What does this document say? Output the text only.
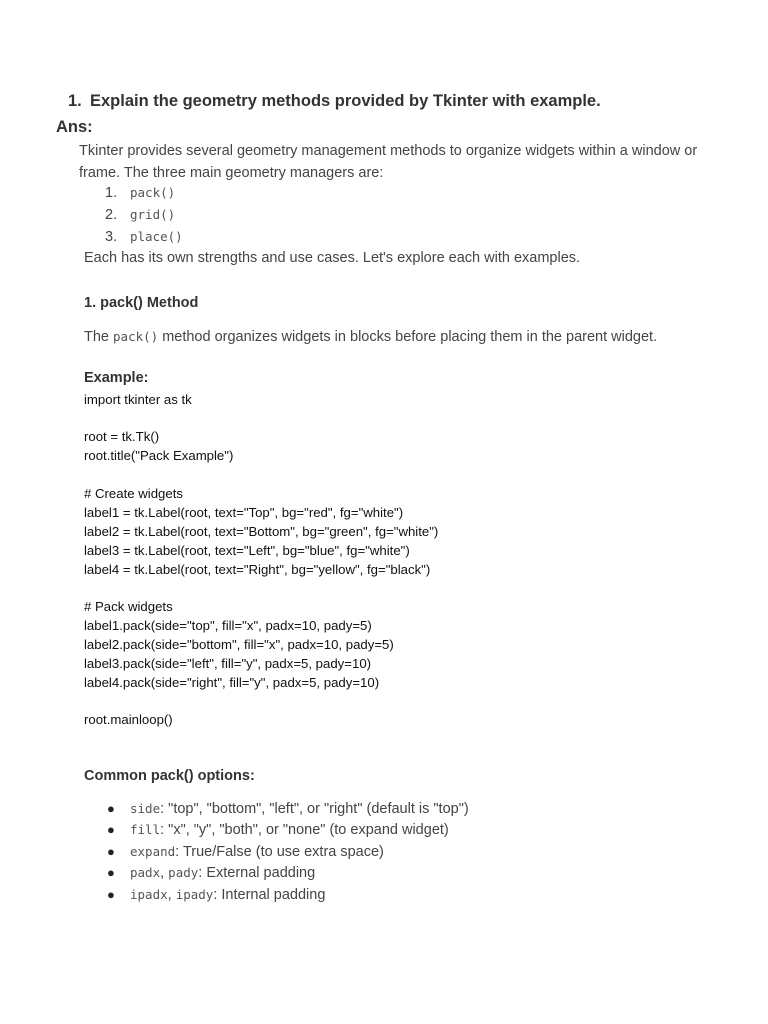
1. Explain the geometry methods provided by Tkinter with example.
Ans:
Tkinter provides several geometry management methods to organize widgets within a window or frame. The three main geometry managers are:
1. pack()
2. grid()
3. place()
Each has its own strengths and use cases. Let's explore each with examples.
1. pack() Method
The pack() method organizes widgets in blocks before placing them in the parent widget.
Example:
import tkinter as tk
root = tk.Tk()
root.title("Pack Example")
# Create widgets
label1 = tk.Label(root, text="Top", bg="red", fg="white")
label2 = tk.Label(root, text="Bottom", bg="green", fg="white")
label3 = tk.Label(root, text="Left", bg="blue", fg="white")
label4 = tk.Label(root, text="Right", bg="yellow", fg="black")
# Pack widgets
label1.pack(side="top", fill="x", padx=10, pady=5)
label2.pack(side="bottom", fill="x", padx=10, pady=5)
label3.pack(side="left", fill="y", padx=5, pady=10)
label4.pack(side="right", fill="y", padx=5, pady=10)
root.mainloop()
Common pack() options:
● side: "top", "bottom", "left", or "right" (default is "top")
● fill: "x", "y", "both", or "none" (to expand widget)
● expand: True/False (to use extra space)
● padx, pady: External padding
● ipadx, ipady: Internal padding
